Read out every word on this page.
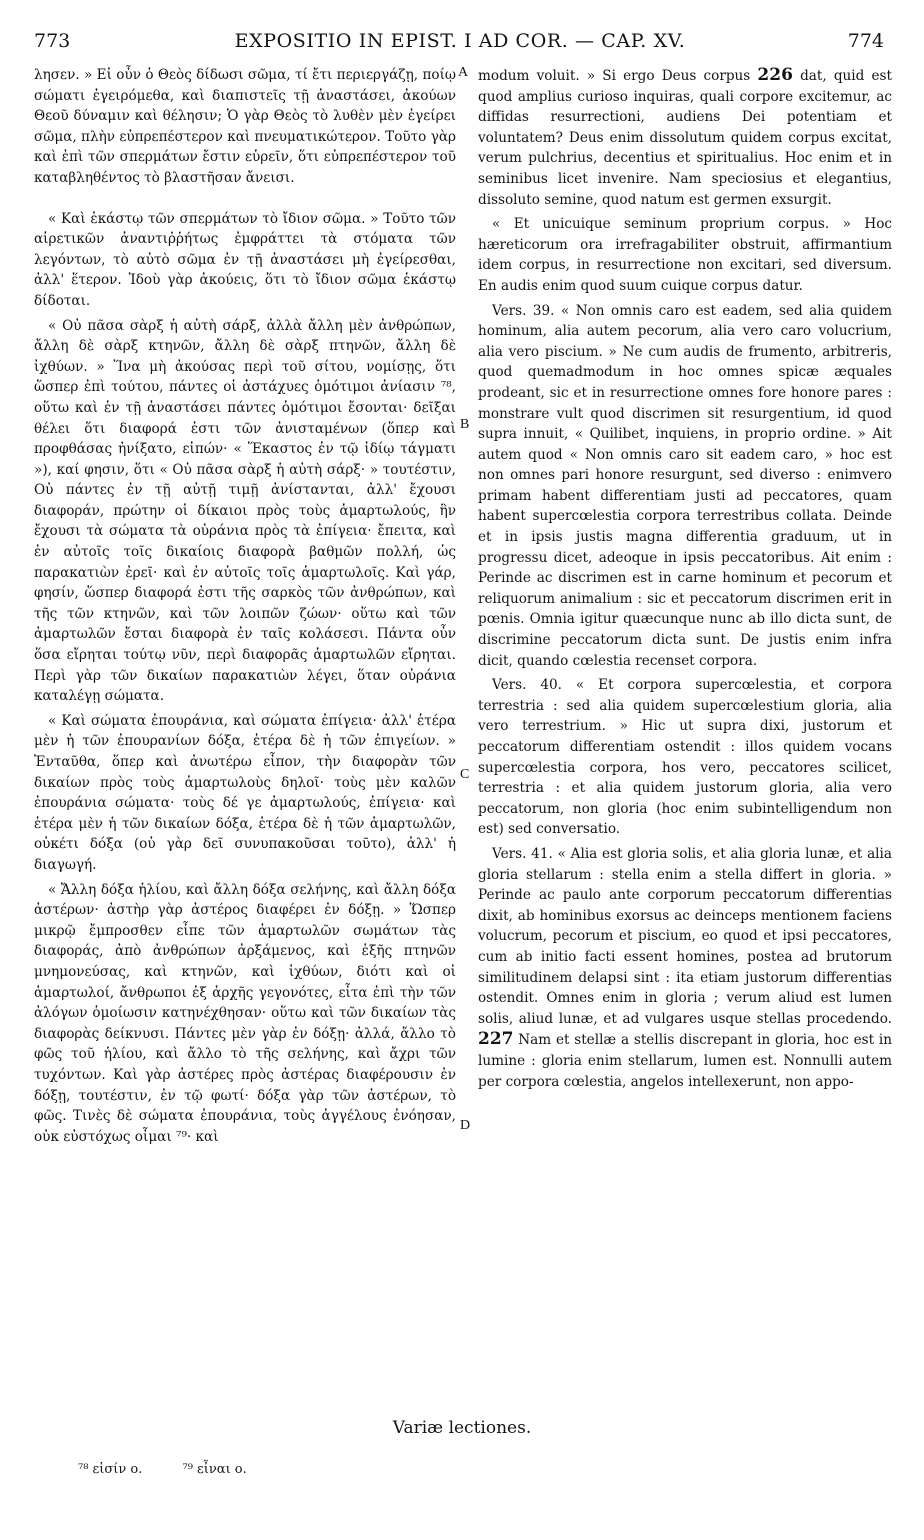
773	EXPOSITIO IN EPIST. I AD COR. — CAP. XV.	774

λησεν. » Εἰ οὖν ὁ Θεὸς δίδωσι σῶμα, τί ἔτι περιεργάζῃ, ποίῳ σώματι ἐγειρόμεθα, καὶ διαπιστεῖς τῇ ἀναστάσει, ἀκούων Θεοῦ δύναμιν καὶ θέλησιν; Ὁ γὰρ Θεὸς τὸ λυθὲν μὲν ἐγείρει σῶμα, πλὴν εὐπρεπέστερον καὶ πνευματικώτερον. Τοῦτο γὰρ καὶ ἐπὶ τῶν σπερμάτων ἔστιν εὑρεῖν, ὅτι εὐπρεπέστερον τοῦ καταβληθέντος τὸ βλαστῆσαν ἄνεισι.

« Καὶ ἑκάστῳ τῶν σπερμάτων τὸ ἴδιον σῶμα. » Τοῦτο τῶν αἱρετικῶν ἀναντιῤῥήτως ἐμφράττει τὰ στόματα τῶν λεγόντων, τὸ αὐτὸ σῶμα ἐν τῇ ἀναστάσει μὴ ἐγείρεσθαι, ἀλλ' ἕτερον. Ἰδοὺ γὰρ ἀκούεις, ὅτι τὸ ἴδιον σῶμα ἑκάστῳ δίδοται.

« Οὐ πᾶσα σὰρξ ἡ αὐτὴ σάρξ, ἀλλὰ ἄλλη μὲν ἀνθρώπων, ἄλλη δὲ σὰρξ κτηνῶν, ἄλλη δὲ σὰρξ πτηνῶν, ἄλλη δὲ ἰχθύων. » Ἵνα μὴ ἀκούσας περὶ τοῦ σίτου, νομίσῃς, ὅτι ὥσπερ ἐπὶ τούτου, πάντες οἱ ἀστάχυες ὁμότιμοι ἀνίασιν ⁷⁸, οὕτω καὶ ἐν τῇ ἀναστάσει πάντες ὁμότιμοι ἔσονται· δεῖξαι θέλει ὅτι διαφορά ἐστι τῶν ἀνισταμένων (ὅπερ καὶ προφθάσας ἠνίξατο, εἰπών· « Ἕκαστος ἐν τῷ ἰδίῳ τάγματι »), καί φησιν, ὅτι « Οὐ πᾶσα σὰρξ ἡ αὐτὴ σάρξ· » τουτέστιν, Οὐ πάντες ἐν τῇ αὐτῇ τιμῇ ἀνίστανται, ἀλλ' ἔχουσι διαφοράν, πρώτην οἱ δίκαιοι πρὸς τοὺς ἁμαρτωλούς, ἣν ἔχουσι τὰ σώματα τὰ οὐράνια πρὸς τὰ ἐπίγεια· ἔπειτα, καὶ ἐν αὐτοῖς τοῖς δικαίοις διαφορὰ βαθμῶν πολλή, ὡς παρακατιὼν ἐρεῖ· καὶ ἐν αὐτοῖς τοῖς ἁμαρτωλοῖς. Καὶ γάρ, φησίν, ὥσπερ διαφορά ἐστι τῆς σαρκὸς τῶν ἀνθρώπων, καὶ τῆς τῶν κτηνῶν, καὶ τῶν λοιπῶν ζώων· οὕτω καὶ τῶν ἁμαρτωλῶν ἔσται διαφορὰ ἐν ταῖς κολάσεσι. Πάντα οὖν ὅσα εἴρηται τούτῳ νῦν, περὶ διαφορᾶς ἁμαρτωλῶν εἴρηται. Περὶ γὰρ τῶν δικαίων παρακατιὼν λέγει, ὅταν οὐράνια καταλέγῃ σώματα.

« Καὶ σώματα ἐπουράνια, καὶ σώματα ἐπίγεια· ἀλλ' ἑτέρα μὲν ἡ τῶν ἐπουρανίων δόξα, ἑτέρα δὲ ἡ τῶν ἐπιγείων. » Ἐνταῦθα, ὅπερ καὶ ἀνωτέρω εἶπον, τὴν διαφορὰν τῶν δικαίων πρὸς τοὺς ἁμαρτωλοὺς δηλοῖ· τοὺς μὲν καλῶν ἐπουράνια σώματα· τοὺς δέ γε ἁμαρτωλούς, ἐπίγεια· καὶ ἑτέρα μὲν ἡ τῶν δικαίων δόξα, ἑτέρα δὲ ἡ τῶν ἁμαρτωλῶν, οὐκέτι δόξα (οὐ γὰρ δεῖ συνυπακοῦσαι τοῦτο), ἀλλ' ἡ διαγωγή.

« Ἄλλη δόξα ἡλίου, καὶ ἄλλη δόξα σελήνης, καὶ ἄλλη δόξα ἀστέρων· ἀστὴρ γὰρ ἀστέρος διαφέρει ἐν δόξῃ. » Ὥσπερ μικρῷ ἔμπροσθεν εἶπε τῶν ἁμαρτωλῶν σωμάτων τὰς διαφοράς, ἀπὸ ἀνθρώπων ἀρξάμενος, καὶ ἑξῆς πτηνῶν μνημονεύσας, καὶ κτηνῶν, καὶ ἰχθύων, διότι καὶ οἱ ἁμαρτωλοί, ἄνθρωποι ἐξ ἀρχῆς γεγονότες, εἶτα ἐπὶ τὴν τῶν ἀλόγων ὁμοίωσιν κατηνέχθησαν· οὕτω καὶ τῶν δικαίων τὰς διαφορὰς δείκνυσι. Πάντες μὲν γὰρ ἐν δόξῃ· ἀλλά, ἄλλο τὸ φῶς τοῦ ἡλίου, καὶ ἄλλο τὸ τῆς σελήνης, καὶ ἄχρι τῶν τυχόντων. Καὶ γὰρ ἀστέρες πρὸς ἀστέρας διαφέρουσιν ἐν δόξῃ, τουτέστιν, ἐν τῷ φωτί· δόξα γὰρ τῶν ἀστέρων, τὸ φῶς. Τινὲς δὲ σώματα ἐπουράνια, τοὺς ἀγγέλους ἐνόησαν, οὐκ εὐστόχως οἶμαι ⁷⁹· καὶ

A
B
C
D

modum voluit. » Si ergo Deus corpus 226 dat, quid est quod amplius curioso inquiras, quali corpore excitemur, ac diffidas resurrectioni, audiens Dei potentiam et voluntatem? Deus enim dissolutum quidem corpus excitat, verum pulchrius, decentius et spiritualius. Hoc enim et in seminibus licet invenire. Nam speciosius et elegantius, dissoluto semine, quod natum est germen exsurgit.

« Et unicuique seminum proprium corpus. » Hoc hæreticorum ora irrefragabiliter obstruit, affirmantium idem corpus, in resurrectione non excitari, sed diversum. En audis enim quod suum cuique corpus datur.

Vers. 39. « Non omnis caro est eadem, sed alia quidem hominum, alia autem pecorum, alia vero caro volucrium, alia vero piscium. » Ne cum audis de frumento, arbitreris, quod quemadmodum in hoc omnes spicæ æquales prodeant, sic et in resurrectione omnes fore honore pares : monstrare vult quod discrimen sit resurgentium, id quod supra innuit, « Quilibet, inquiens, in proprio ordine. » Ait autem quod « Non omnis caro sit eadem caro, » hoc est non omnes pari honore resurgunt, sed diverso : enimvero primam habent differentiam justi ad peccatores, quam habent supercœlestia corpora terrestribus collata. Deinde et in ipsis justis magna differentia graduum, ut in progressu dicet, adeoque in ipsis peccatoribus. Ait enim : Perinde ac discrimen est in carne hominum et pecorum et reliquorum animalium : sic et peccatorum discrimen erit in pœnis. Omnia igitur quæcunque nunc ab illo dicta sunt, de discrimine peccatorum dicta sunt. De justis enim infra dicit, quando cœlestia recenset corpora.

Vers. 40. « Et corpora supercœlestia, et corpora terrestria : sed alia quidem supercœlestium gloria, alia vero terrestrium. » Hic ut supra dixi, justorum et peccatorum differentiam ostendit : illos quidem vocans supercœlestia corpora, hos vero, peccatores scilicet, terrestria : et alia quidem justorum gloria, alia vero peccatorum, non gloria (hoc enim subintelligendum non est) sed conversatio.

Vers. 41. « Alia est gloria solis, et alia gloria lunæ, et alia gloria stellarum : stella enim a stella differt in gloria. » Perinde ac paulo ante corporum peccatorum differentias dixit, ab hominibus exorsus ac deinceps mentionem faciens volucrum, pecorum et piscium, eo quod et ipsi peccatores, cum ab initio facti essent homines, postea ad brutorum similitudinem delapsi sint : ita etiam justorum differentias ostendit. Omnes enim in gloria ; verum aliud est lumen solis, aliud lunæ, et ad vulgares usque stellas procedendo. 227 Nam et stellæ a stellis discrepant in gloria, hoc est in lumine : gloria enim stellarum, lumen est. Nonnulli autem per corpora cœlestia, angelos intellexerunt, non appo-

Variæ lectiones.
⁷⁸ εἰσίν ο.	⁷⁹ εἶναι ο.
